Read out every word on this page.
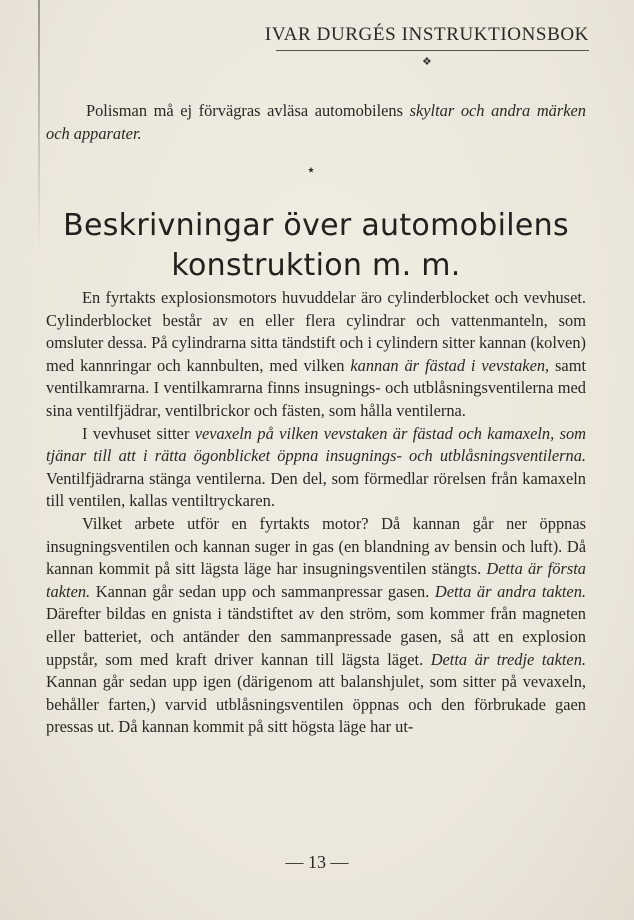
IVAR DURGÉS INSTRUKTIONSBOK
❖
Polisman må ej förvägras avläsa automobilens skyltar och andra märken och apparater.
⋆
Beskrivningar över automobilens konstruktion m. m.

En fyrtakts explosionsmotors huvuddelar äro cylinderblocket och vevhuset. Cylinderblocket består av en eller flera cylindrar och vattenmanteln, som omsluter dessa. På cylindrarna sitta tändstift och i cylindern sitter kannan (kolven) med kannringar och kannbulten, med vilken kannan är fästad i vevstaken, samt ventilkamrarna. I ventilkamrarna finns insugnings- och utblåsningsventilerna med sina ventilfjädrar, ventilbrickor och fästen, som hålla ventilerna.

I vevhuset sitter vevaxeln på vilken vevstaken är fästad och kamaxeln, som tjänar till att i rätta ögonblicket öppna insugnings- och utblåsningsventilerna. Ventilfjädrarna stänga ventilerna. Den del, som förmedlar rörelsen från kamaxeln till ventilen, kallas ventiltryckaren.

Vilket arbete utför en fyrtakts motor? Då kannan går ner öppnas insugningsventilen och kannan suger in gas (en blandning av bensin och luft). Då kannan kommit på sitt lägsta läge har insugningsventilen stängts. Detta är första takten. Kannan går sedan upp och sammanpressar gasen. Detta är andra takten. Därefter bildas en gnista i tändstiftet av den ström, som kommer från magneten eller batteriet, och antänder den sammanpressade gasen, så att en explosion uppstår, som med kraft driver kannan till lägsta läget. Detta är tredje takten. Kannan går sedan upp igen (därigenom att balanshjulet, som sitter på vevaxeln, behåller farten,) varvid utblåsningsventilen öppnas och den förbrukade gaen pressas ut. Då kannan kommit på sitt högsta läge har ut-

— 13 —
